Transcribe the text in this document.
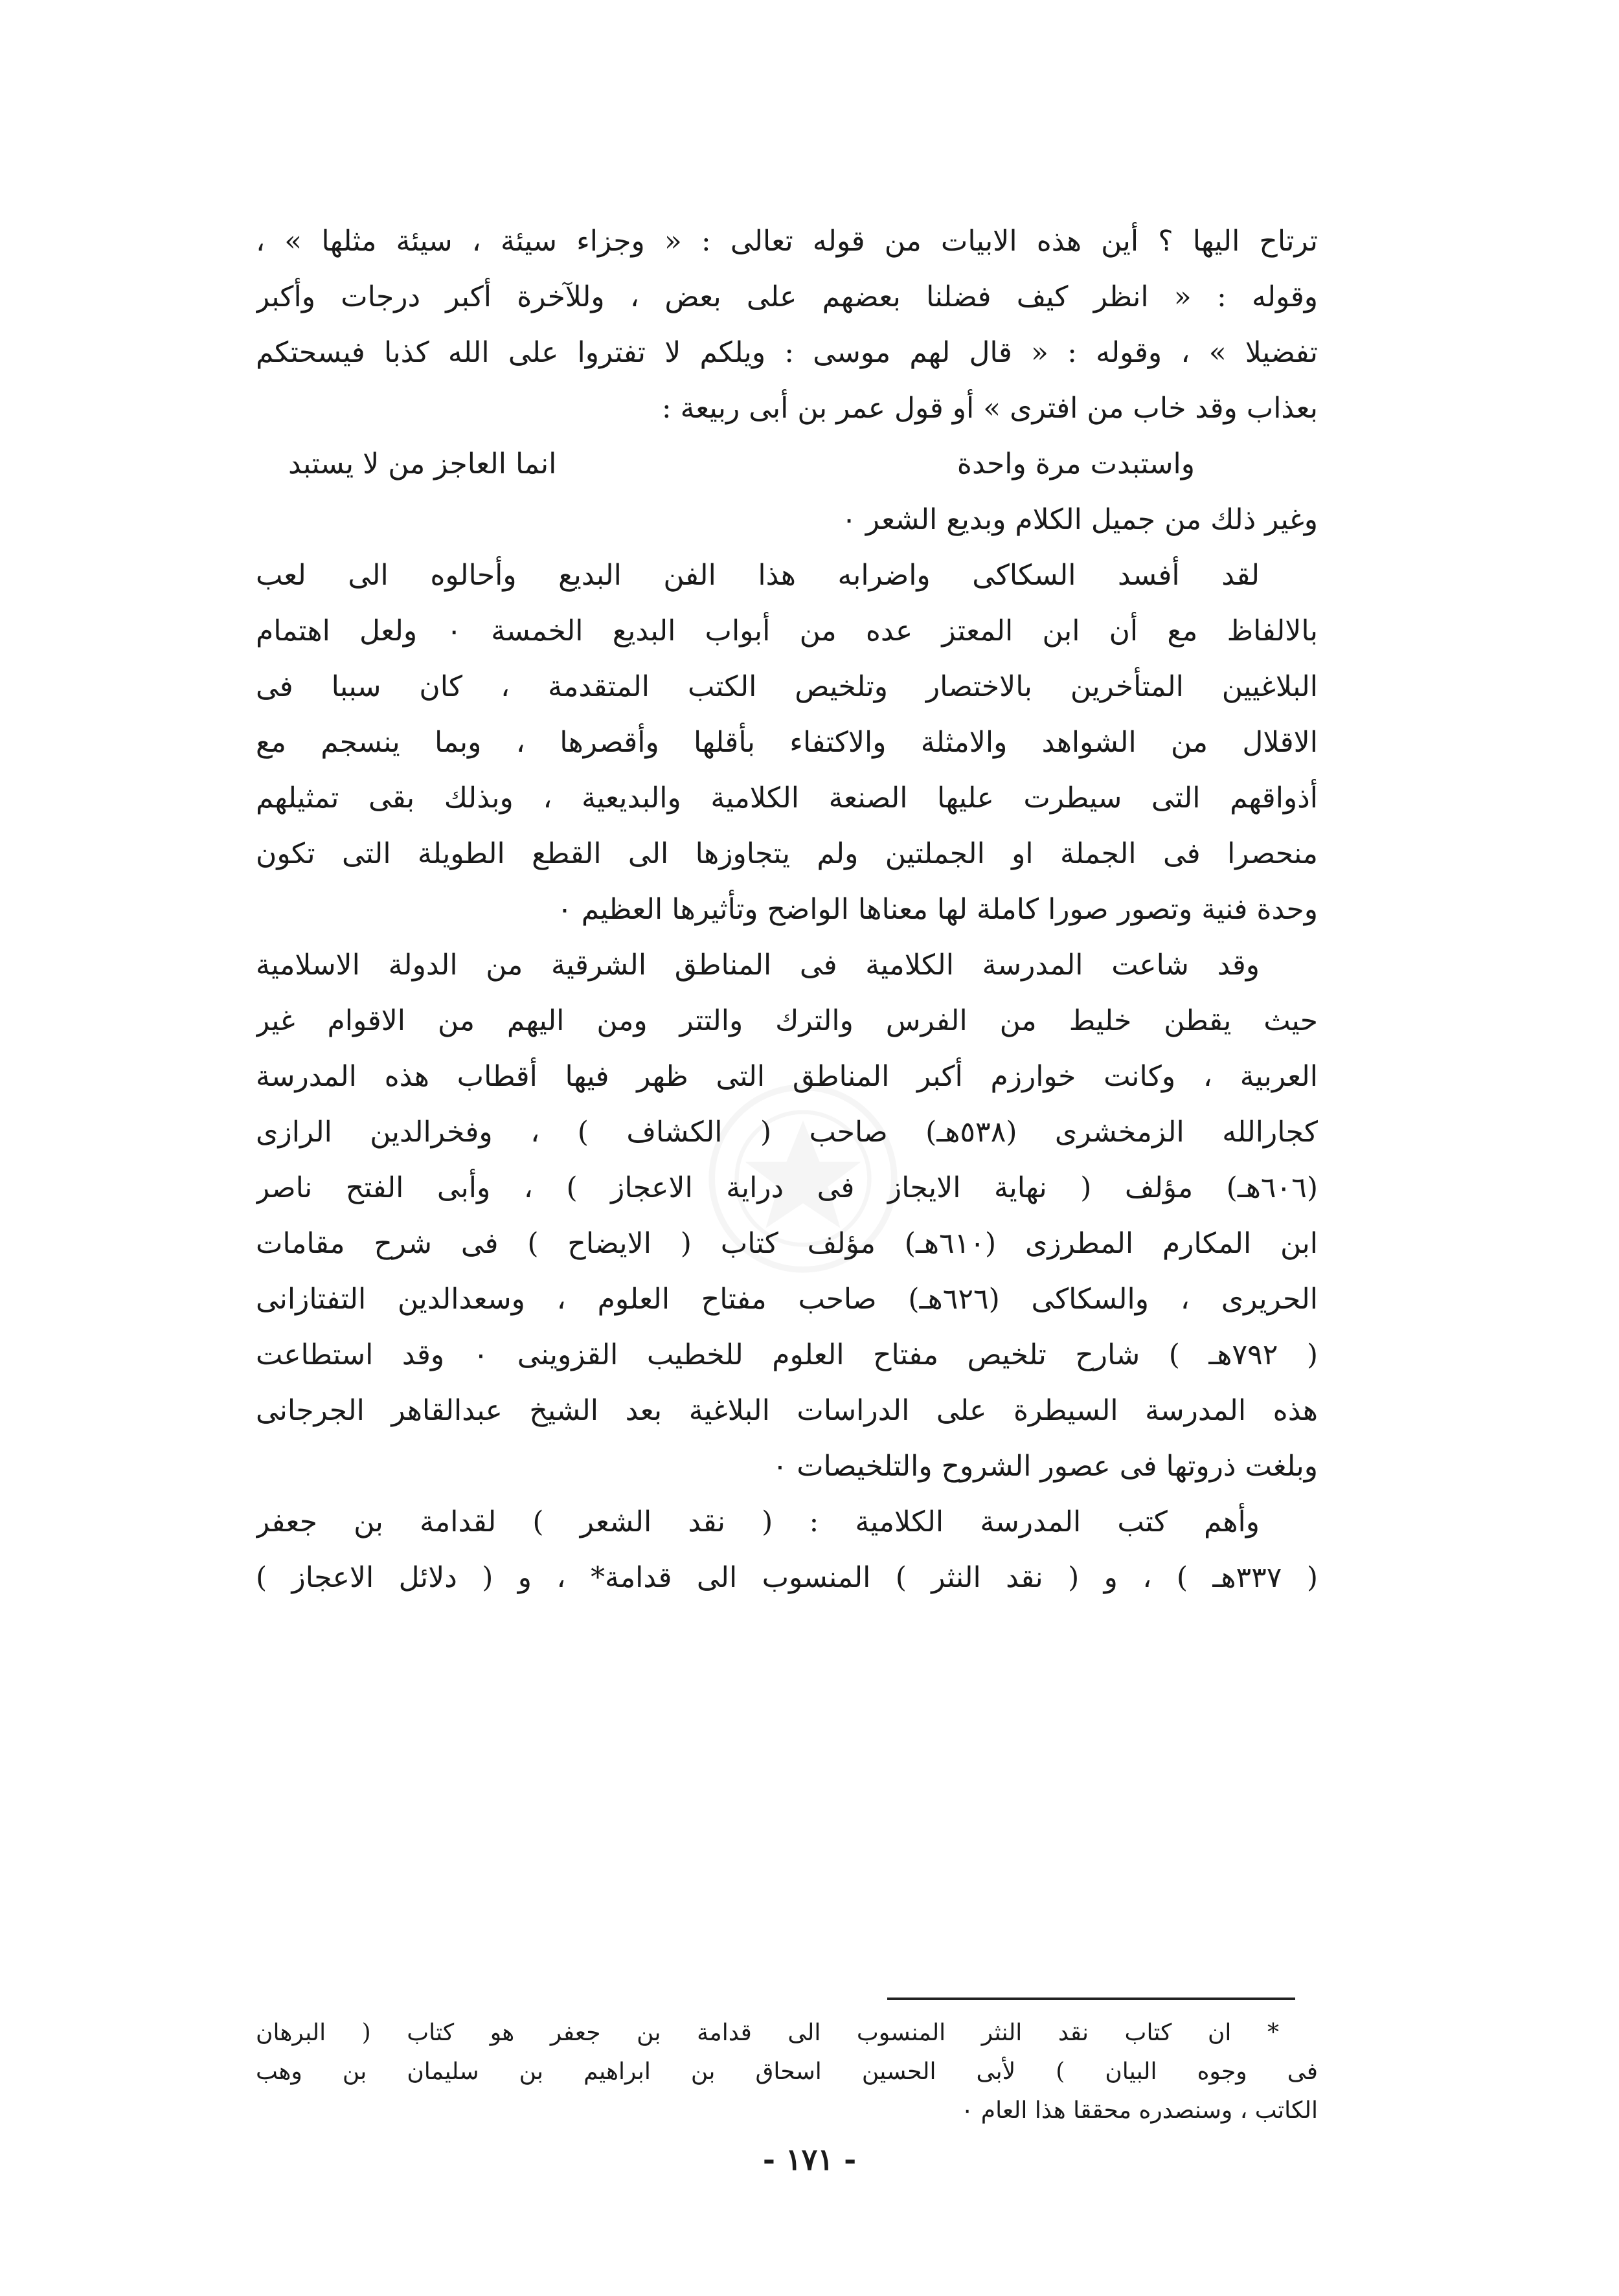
ترتاح اليها ؟ أين هذه الابيات من قوله تعالى : « وجزاء سيئة ، سيئة مثلها » ،
وقوله : « انظر كيف فضلنا بعضهم على بعض ، وللآخرة أكبر درجات وأكبر
تفضيلا » ، وقوله : « قال لهم موسى : ويلكم لا تفتروا على الله كذبا فيسحتكم
بعذاب وقد خاب من افترى » أو قول عمر بن أبى ربيعة :
واستبدت مرة واحدة
انما العاجز من لا يستبد
وغير ذلك من جميل الكلام وبديع الشعر ٠
لقد أفسد السكاكى واضرابه هذا الفن البديع وأحالوه الى لعب
بالالفاظ مع أن ابن المعتز عده من أبواب البديع الخمسة ٠ ولعل اهتمام
البلاغيين المتأخرين بالاختصار وتلخيص الكتب المتقدمة ، كان سببا فى
الاقلال من الشواهد والامثلة والاكتفاء بأقلها وأقصرها ، وبما ينسجم مع
أذواقهم التى سيطرت عليها الصنعة الكلامية والبديعية ، وبذلك بقى تمثيلهم
منحصرا فى الجملة او الجملتين ولم يتجاوزها الى القطع الطويلة التى تكون
وحدة فنية وتصور صورا كاملة لها معناها الواضح وتأثيرها العظيم ٠
وقد شاعت المدرسة الكلامية فى المناطق الشرقية من الدولة الاسلامية
حيث يقطن خليط من الفرس والترك والتتر ومن اليهم من الاقوام غير
العربية ، وكانت خوارزم أكبر المناطق التى ظهر فيها أقطاب هذه المدرسة
كجارالله الزمخشرى (٥٣٨هـ) صاحب ( الكشاف ) ، وفخرالدين الرازى
(٦٠٦هـ) مؤلف ( نهاية الايجاز فى دراية الاعجاز ) ، وأبى الفتح ناصر
ابن المكارم المطرزى (٦١٠هـ) مؤلف كتاب ( الايضاح ) فى شرح مقامات
الحريرى ، والسكاكى (٦٢٦هـ) صاحب مفتاح العلوم ، وسعدالدين التفتازانى
( ٧٩٢هـ ) شارح تلخيص مفتاح العلوم للخطيب القزوينى ٠ وقد استطاعت
هذه المدرسة السيطرة على الدراسات البلاغية بعد الشيخ عبدالقاهر الجرجانى
وبلغت ذروتها فى عصور الشروح والتلخيصات ٠
وأهم كتب المدرسة الكلامية : ( نقد الشعر ) لقدامة بن جعفر
( ٣٣٧هـ ) ، و ( نقد النثر ) المنسوب الى قدامة* ، و ( دلائل الاعجاز )
* ان كتاب نقد النثر المنسوب الى قدامة بن جعفر هو كتاب ( البرهان
فى وجوه البيان ) لأبى الحسين اسحاق بن ابراهيم بن سليمان بن وهب
الكاتب ، وسنصدره محققا هذا العام ٠
- ١٧١ -
